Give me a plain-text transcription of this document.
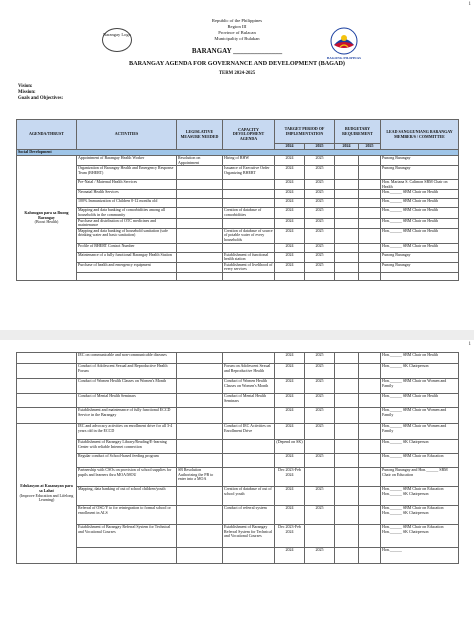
1
Barangay Logo
BAGONG PILIPINAS
Republic of the Philippines
Region III
Province of Bulacan
Municipality of Bulakan
BARANGAY ______________
BARANGAY AGENDA FOR GOVERNANCE AND DEVELOPMENT (BAGAD)
TERM 2024-2025
Vision:
Mission:
Goals and Objectives:
AGENDA/THRUST	ACTIVITIES	LEGISLATIVE MEASURE NEEDED	CAPACITY DEVELOPMENT AGENDA	TARGET PERIOD OF IMPLEMENTATION		BUDGETARY REQUIREMENT		LEAD SANGGUNIANG BARANGAY MEMBER/S / COMMITTEE
				2024	2025	2024	2025	
Social Development								

Kalusugan para sa Buong Barangay
(Boost Health)	Appointment of Barangay Health Worker	Resolution on Appointment	Hiring of BHW	2024	2025			Punong Barangay
	Organization of Barangay Health and Emergency Response Team (BHERT)		Issuance of Executive Order Organizing BHERT	2024	2025			Punong Barangay
	Pre-Natal / Maternal Health Services			2024	2025			Hon. Mariana S. Calimon SBM Chair on Health
	Neonatal Health Services			2024	2025			Hon.______ SBM Chair on Health
	100% Immunization of Children 0-12 months old			2024	2025			Hon.______ SBM Chair on Health
	Mapping and data banking of comorbidities among all households in the community		Creation of database of comorbidities	2024	2025			Hon.______ SBM Chair on Health
	Purchase and distribution of OTC medicines and maintenance			2024	2025			Hon.______ SBM Chair on Health
	Mapping and data banking of household sanitation (safe drinking water and basic sanitation)		Creation of database of source of potable water of every households	2024	2025			Hon.______ SBM Chair on Health
	Profile of BHERT Contact Number			2024	2025			Hon.______ SBM Chair on Health
	Maintenance of a fully functional Barangay Health Station		Establishment of functional health station	2024	2025			Punong Barangay
	Purchase of health and emergency equipment		Establishment of livelihood of every services	2024	2025			Punong Barangay

1
	IEC on communicable and non-communicable diseases			2024	2025			Hon.______ SBM Chair on Health
	Conduct of Adolescent Sexual and Reproductive Health Forum		Forum on Adolescent Sexual and Reproductive Health	2024	2025			Hon.______ SK Chairperson
	Conduct of Women Health Classes on Women's Month		Conduct of Women Health Classes on Women's Month	2024	2025			Hon.______ SBM Chair on Women and Family
	Conduct of Mental Health Seminars		Conduct of Mental Health Seminars	2024	2025			Hon.______ SBM Chair on Health
	Establishment and maintenance of fully functional ECCD Service in the Barangay			2024	2025			Hon.______ SBM Chair on Women and Family

Edukasyon at Kasanayan para sa Lahat
(Improve Education and Lifelong Learning)	IEC and advocacy activities on enrollment drive for all 3-4 years old in the ECCD		Conduct of IEC Activities on Enrollment Drive	2024	2025			Hon.______ SBM Chair on Women and Family
	Establishment of Barangay Library/Reading/E-learning Center with reliable Internet connection			(Depend on SK)				Hon.______ SK Chairperson
	Regular conduct of School-based feeding program			2024	2025			Hon.______ SBM Chair on Education
	Partnership with CSOs on provision of school supplies for pupils and learners thru MOA/MOU	SB Resolution Authorizing the PB to enter into a MOA		Dec 2023-Feb 2024				Punong Barangay and Hon.______ SBM Chair on Education
	Mapping, data banking of out of school children/youth		Creation of database of out of school youth	2024	2025			Hon.______ SBM Chair on Education Hon.______ SK Chairperson
	Referral of OSC/Y to for reintegration to formal school or enrollment in ALS		Conduct of referral system	2024	2025			Hon.______ SBM Chair on Education Hon.______ SK Chairperson
	Establishment of Barangay Referral System for Technical and Vocational Courses		Establishment of Barangay Referral System for Technical and Vocational Courses	Dec 2023-Feb 2024				Hon.______ SBM Chair on Education Hon.______ SK Chairperson
				2024	2025			Hon.______
